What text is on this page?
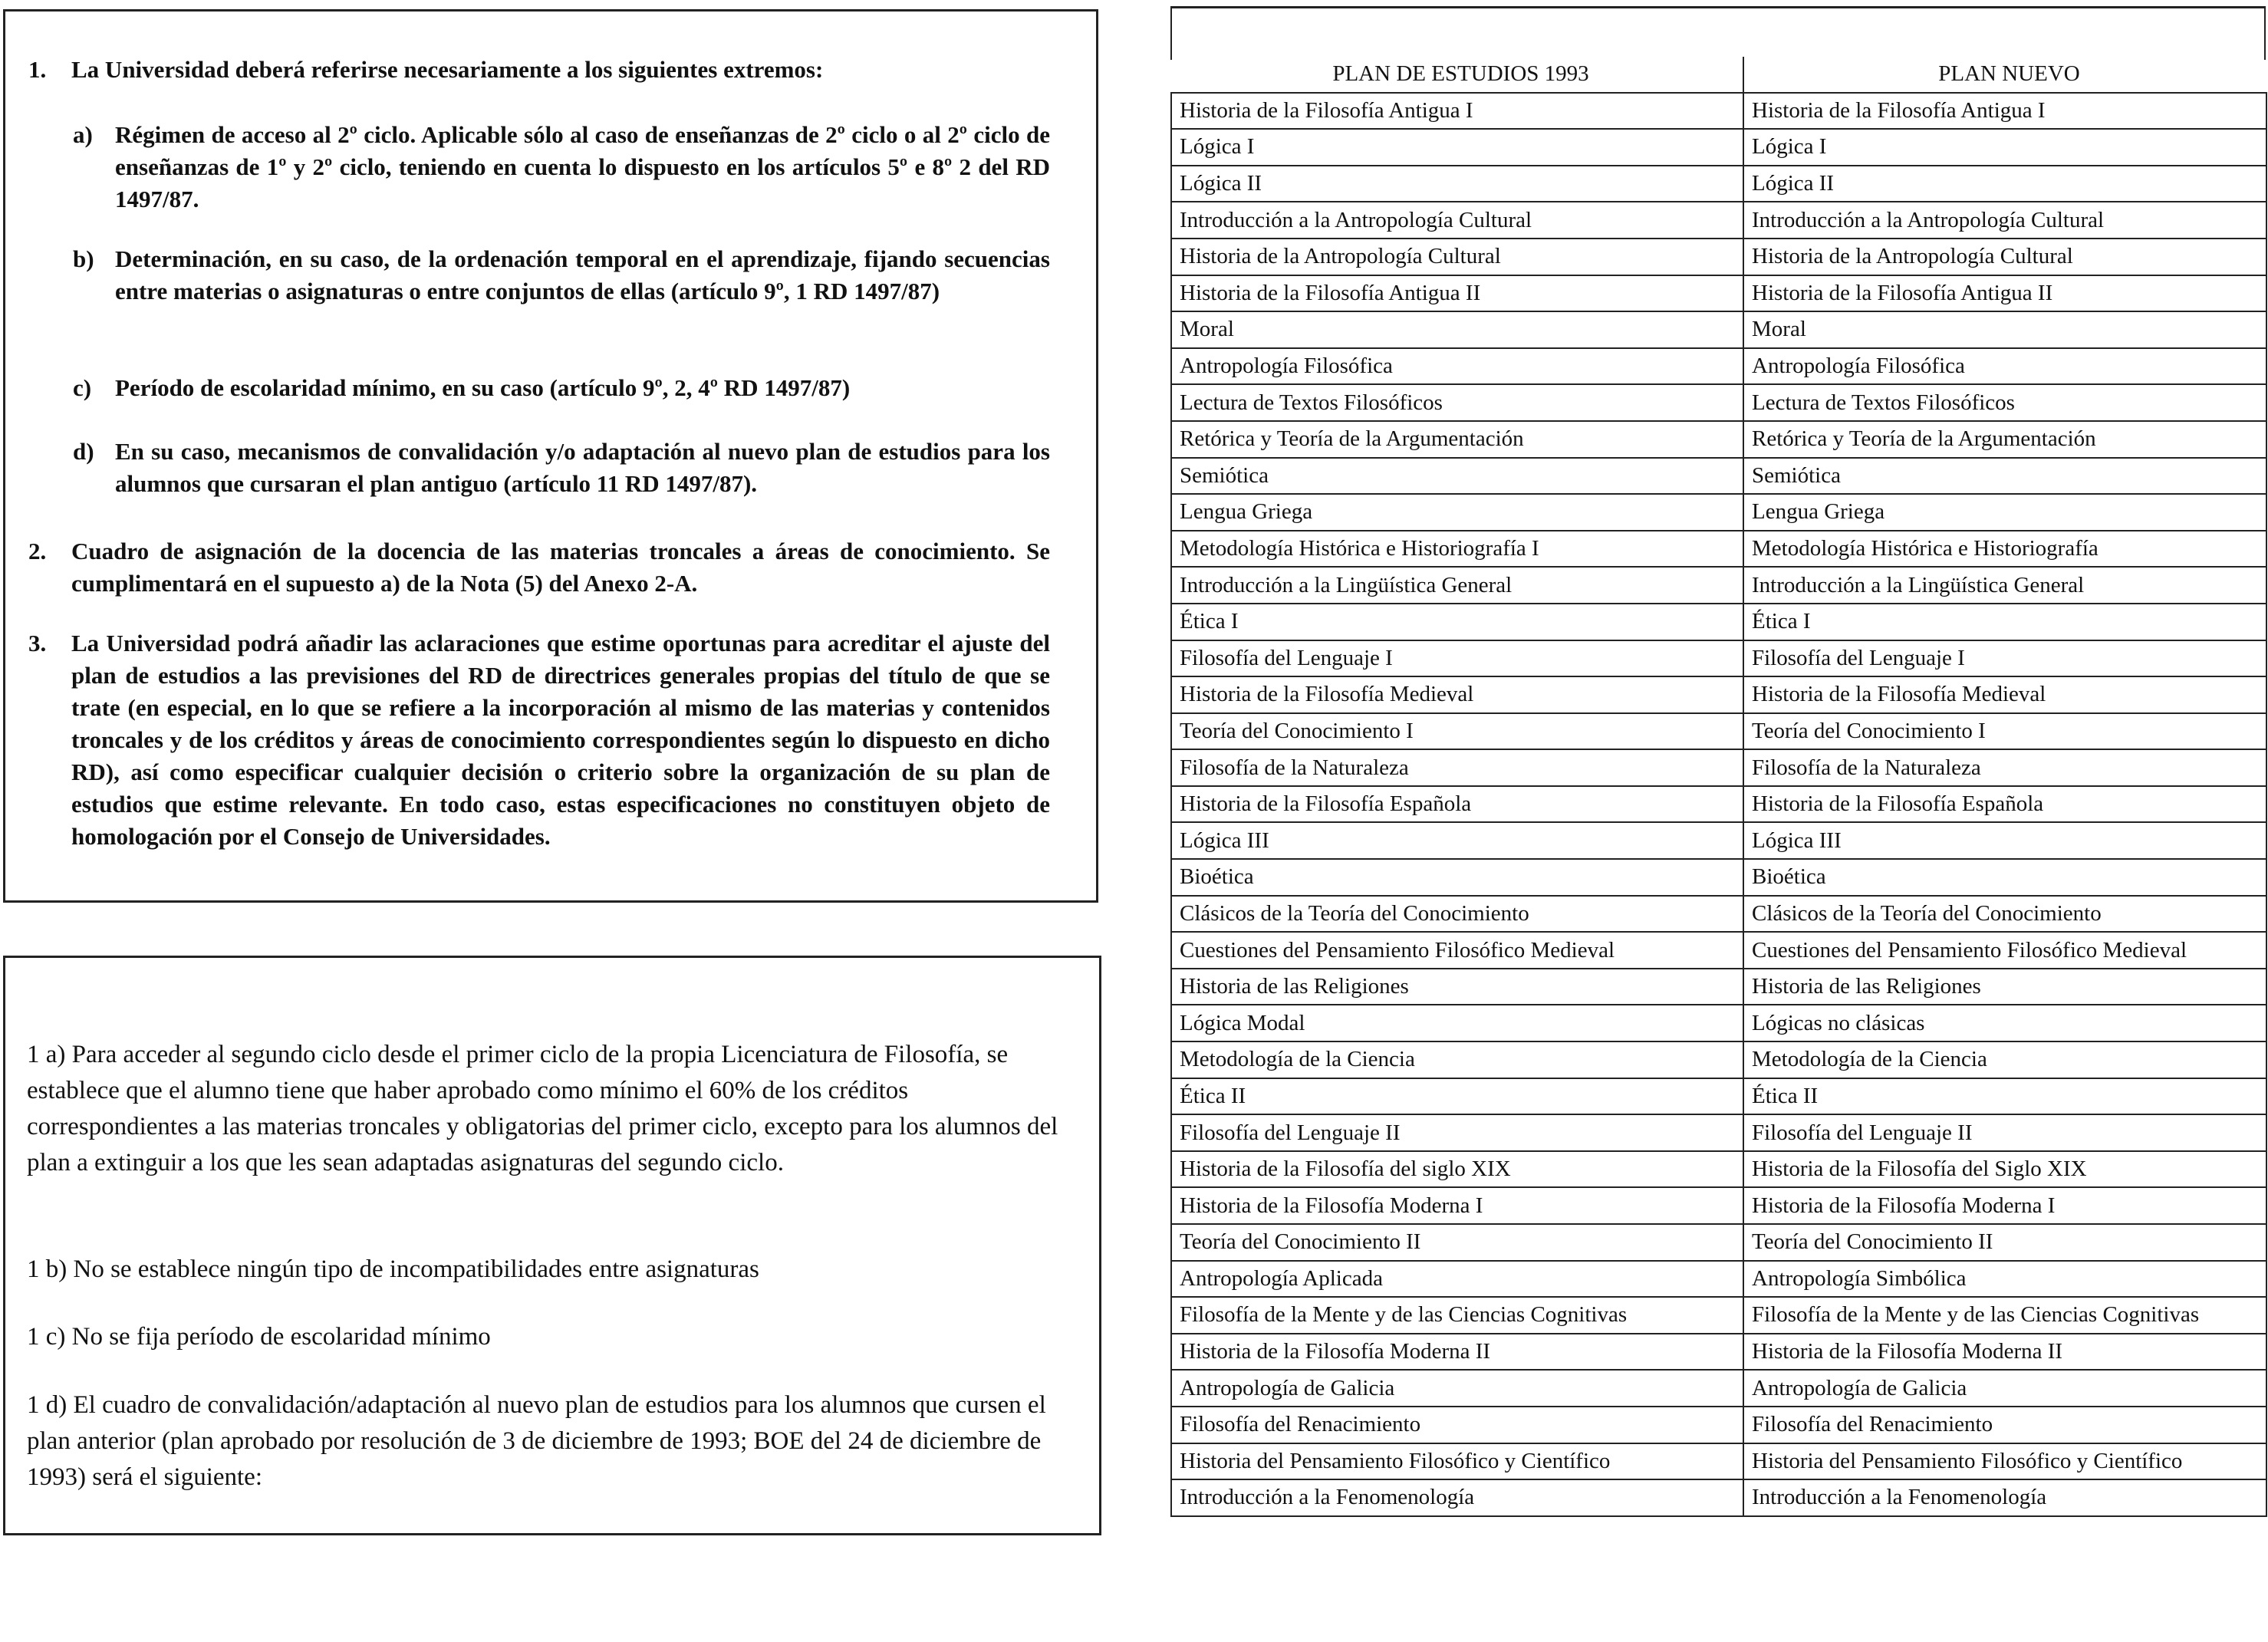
1. La Universidad deberá referirse necesariamente a los siguientes extremos:
a) Régimen de acceso al 2º ciclo. Aplicable sólo al caso de enseñanzas de 2º ciclo o al 2º ciclo de enseñanzas de 1º y 2º ciclo, teniendo en cuenta lo dispuesto en los artículos 5º e 8º 2 del RD 1497/87.
b) Determinación, en su caso, de la ordenación temporal en el aprendizaje, fijando secuencias entre materias o asignaturas o entre conjuntos de ellas (artículo 9º, 1 RD 1497/87)
c) Período de escolaridad mínimo, en su caso (artículo 9º, 2, 4º RD 1497/87)
d) En su caso, mecanismos de convalidación y/o adaptación al nuevo plan de estudios para los alumnos que cursaran el plan antiguo (artículo 11 RD 1497/87).
2. Cuadro de asignación de la docencia de las materias troncales a áreas de conocimiento. Se cumplimentará en el supuesto a) de la Nota (5) del Anexo 2-A.
3. La Universidad podrá añadir las aclaraciones que estime oportunas para acreditar el ajuste del plan de estudios a las previsiones del RD de directrices generales propias del título de que se trate (en especial, en lo que se refiere a la incorporación al mismo de las materias y contenidos troncales y de los créditos y áreas de conocimiento correspondientes según lo dispuesto en dicho RD), así como especificar cualquier decisión o criterio sobre la organización de su plan de estudios que estime relevante. En todo caso, estas especificaciones no constituyen objeto de homologación por el Consejo de Universidades.
1 a) Para acceder al segundo ciclo desde el primer ciclo de la propia Licenciatura de Filosofía, se establece que el alumno tiene que haber aprobado como mínimo el 60% de los créditos correspondientes a las materias troncales y obligatorias del primer ciclo, excepto para los alumnos del plan a extinguir a los que les sean adaptadas asignaturas del segundo ciclo.
1 b) No se establece ningún tipo de incompatibilidades entre asignaturas
1 c) No se fija período de escolaridad mínimo
1 d) El cuadro de convalidación/adaptación al nuevo plan de estudios para los alumnos que cursen el plan anterior (plan aprobado por resolución de 3 de diciembre de 1993; BOE del 24 de diciembre de 1993) será el siguiente:
PLAN DE ESTUDIOS 1993	PLAN NUEVO
Historia de la Filosofía Antigua I	Historia de la Filosofía Antigua I
Lógica I	Lógica I
Lógica II	Lógica II
Introducción a la Antropología Cultural	Introducción a la Antropología Cultural
Historia de la Antropología Cultural	Historia de la Antropología Cultural
Historia de la Filosofía Antigua II	Historia de la Filosofía Antigua II
Moral	Moral
Antropología Filosófica	Antropología Filosófica
Lectura de Textos Filosóficos	Lectura de Textos Filosóficos
Retórica y Teoría de la Argumentación	Retórica y Teoría de la Argumentación
Semiótica	Semiótica
Lengua Griega	Lengua Griega
Metodología Histórica e Historiografía I	Metodología Histórica e Historiografía
Introducción a la Lingüística General	Introducción a la Lingüística General
Ética I	Ética I
Filosofía del Lenguaje I	Filosofía del Lenguaje I
Historia de la Filosofía Medieval	Historia de la Filosofía Medieval
Teoría del Conocimiento I	Teoría del Conocimiento I
Filosofía de la Naturaleza	Filosofía de la Naturaleza
Historia de la Filosofía Española	Historia de la Filosofía Española
Lógica III	Lógica III
Bioética	Bioética
Clásicos de la Teoría del Conocimiento	Clásicos de la Teoría del Conocimiento
Cuestiones del Pensamiento Filosófico Medieval	Cuestiones del Pensamiento Filosófico Medieval
Historia de las Religiones	Historia de las Religiones
Lógica Modal	Lógicas no clásicas
Metodología de la Ciencia	Metodología de la Ciencia
Ética II	Ética II
Filosofía del Lenguaje II	Filosofía del Lenguaje II
Historia de la Filosofía del siglo XIX	Historia de la Filosofía del Siglo XIX
Historia de la Filosofía Moderna I	Historia de la Filosofía Moderna I
Teoría del Conocimiento II	Teoría del Conocimiento II
Antropología Aplicada	Antropología Simbólica
Filosofía de la Mente y de las Ciencias Cognitivas	Filosofía de la Mente y de las Ciencias Cognitivas
Historia de la Filosofía Moderna II	Historia de la Filosofía Moderna II
Antropología de Galicia	Antropología de Galicia
Filosofía del Renacimiento	Filosofía del Renacimiento
Historia del Pensamiento Filosófico y Científico	Historia del Pensamiento Filosófico y Científico
Introducción a la Fenomenología	Introducción a la Fenomenología
